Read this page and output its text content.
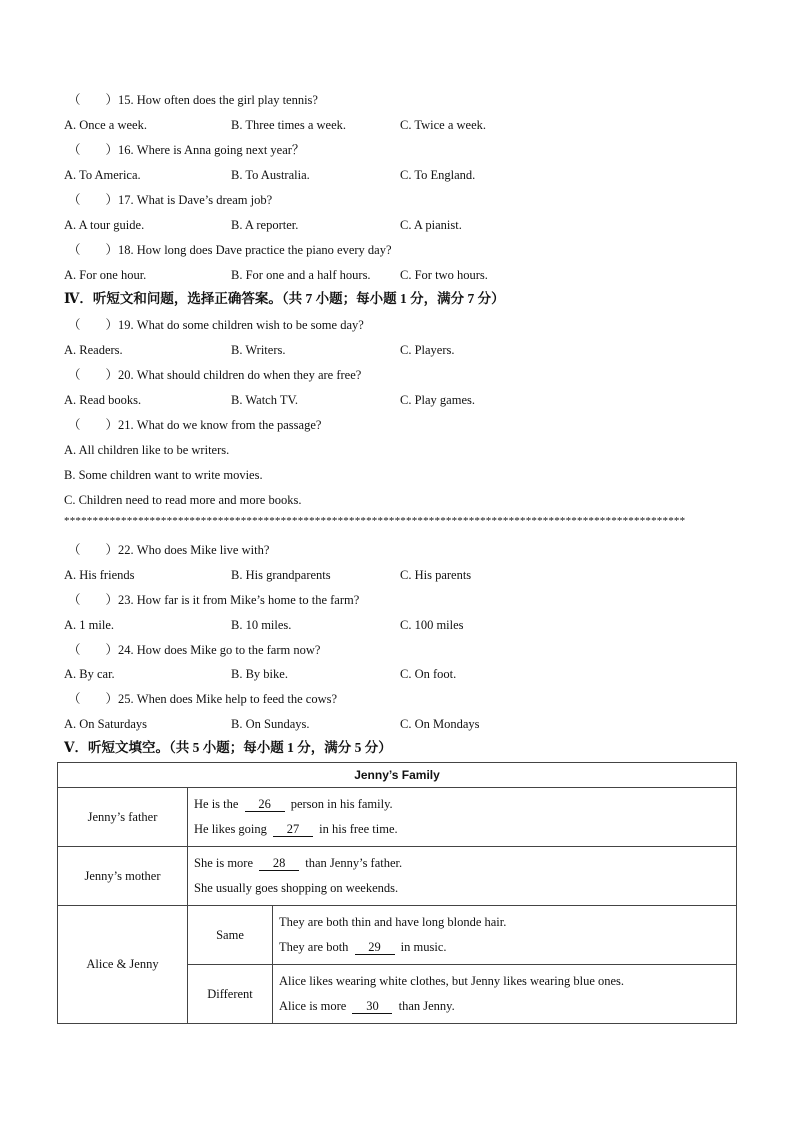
（　　）15. How often does the girl play tennis?
A. Once a week.	B. Three times a week.	C. Twice a week.
（　　）16. Where is Anna going next year？
A. To America.	B. To Australia.	C. To England.
（　　）17. What is Dave’s dream job?
A. A tour guide.	B. A reporter.	C. A pianist.
（　　）18. How long does Dave practice the piano every day?
A. For one hour.	B. For one and a half hours. C. For two hours.
Ⅳ．听短文和问题，选择正确答案。（共 7 小题；每小题 1 分，满分 7 分）
（　　）19. What do some children wish to be some day?
A. Readers.	B. Writers.	C. Players.
（　　）20. What should children do when they are free?
A. Read books.	B. Watch TV.	C. Play games.
（　　）21. What do we know from the passage?
A. All children like to be writers.
B. Some children want to write movies.
C. Children need to read more and more books.
*************************************************************************************************************
（　　）22. Who does Mike live with?
A. His friends	B. His grandparents	C. His parents
（　　）23. How far is it from Mike’s home to the farm?
A. 1 mile.	B. 10 miles.	C. 100 miles
（　　）24. How does Mike go to the farm now?
A. By car.	B. By bike.	C. On foot.
（　　）25. When does Mike help to feed the cows?
A. On Saturdays	B. On Sundays.	C. On Mondays
Ⅴ．听短文填空。（共 5 小题；每小题 1 分，满分 5 分）
Jenny’s Family		
Jenny’s father	He is the 26 person in his family.
He likes going 27 in his free time.	

Jenny’s mother	She is more 28 than Jenny’s father.
She usually goes shopping on weekends.	

Alice & Jenny	Same	They are both thin and have long blonde hair.
They are both 29 in music.

	Different	Alice likes wearing white clothes, but Jenny likes wearing blue ones.
Alice is more 30 than Jenny.
